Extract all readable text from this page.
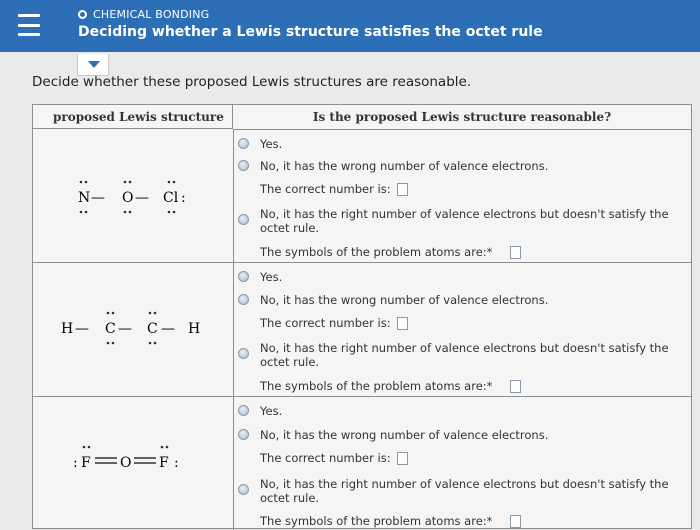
CHEMICAL BONDING
Deciding whether a Lewis structure satisfies the octet rule
Decide whether these proposed Lewis structures are reasonable.
proposed Lewis structure	Is the proposed Lewis structure reasonable?
N — O — Cl :
Yes.
No, it has the wrong number of valence electrons.
The correct number is:
No, it has the right number of valence electrons but doesn't satisfy the
octet rule.
The symbols of the problem atoms are:*
H — C — C — H
Yes.
No, it has the wrong number of valence electrons.
The correct number is:
No, it has the right number of valence electrons but doesn't satisfy the
octet rule.
The symbols of the problem atoms are:*
: F O F :
Yes.
No, it has the wrong number of valence electrons.
The correct number is:
No, it has the right number of valence electrons but doesn't satisfy the
octet rule.
The symbols of the problem atoms are:*
